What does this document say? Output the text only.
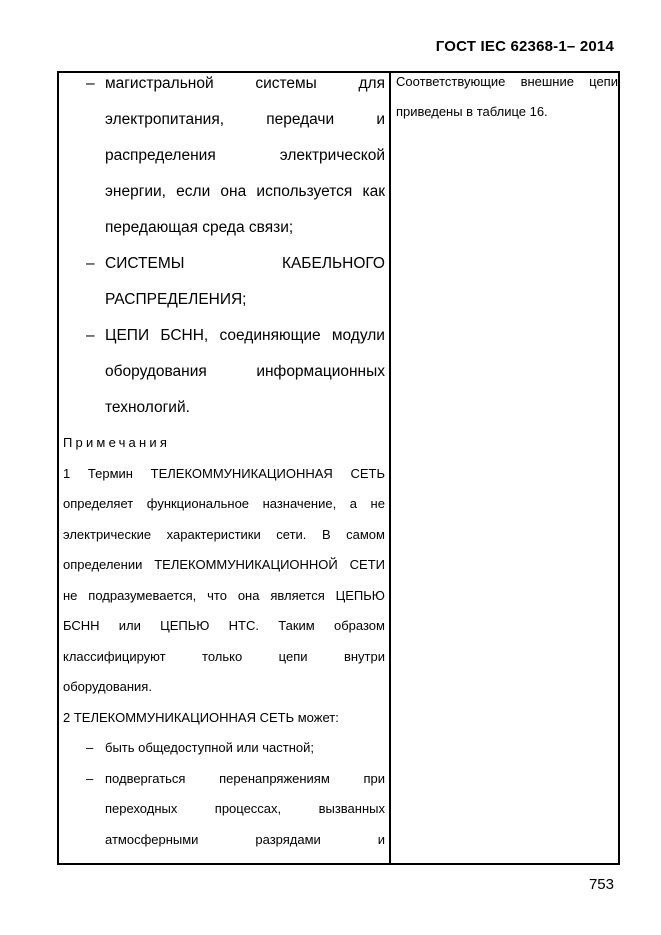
ГОСТ IEC 62368-1– 2014
– магистральной	системы	для
электропитания,	передачи	и
распределения	электрической
энергии, если она используется как
передающая среда связи;
– СИСТЕМЫ	КАБЕЛЬНОГО
РАСПРЕДЕЛЕНИЯ;
– ЦЕПИ БСНН, соединяющие модули
оборудования	информационных
технологий.
Примечания
1 Термин ТЕЛЕКОММУНИКАЦИОННАЯ СЕТЬ
определяет функциональное назначение, а не
электрические характеристики сети. В самом
определении ТЕЛЕКОММУНИКАЦИОННОЙ СЕТИ
не подразумевается, что она является ЦЕПЬЮ
БСНН или ЦЕПЬЮ НТС. Таким образом
классифицируют	только	цепи	внутри
оборудования.
2 ТЕЛЕКОММУНИКАЦИОННАЯ СЕТЬ может:
– быть общедоступной или частной;
– подвергаться	перенапряжениям	при
переходных	процессах,	вызванных
атмосферными	разрядами	и
Соответствующие внешние цепи
приведены в таблице 16.
753
